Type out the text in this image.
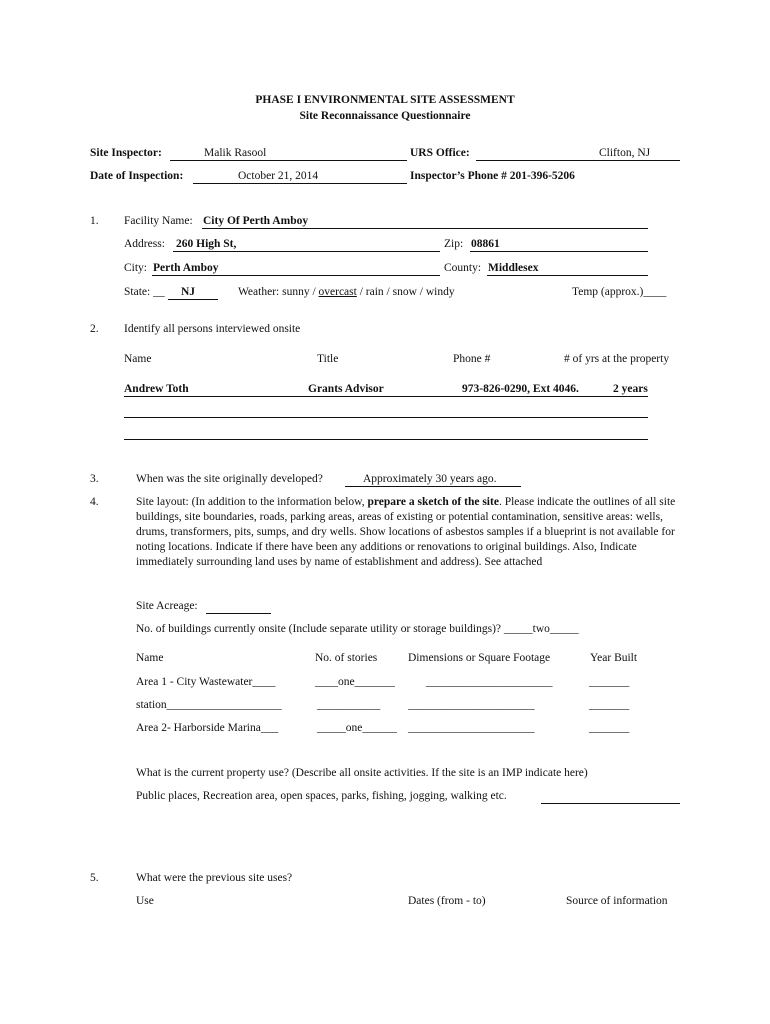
PHASE I ENVIRONMENTAL SITE ASSESSMENT
Site Reconnaissance Questionnaire
Site Inspector:	Malik Rasool	URS Office:	Clifton, NJ
Date of Inspection:	October 21, 2014	Inspector’s Phone # 201-396-5206
1. Facility Name: City Of Perth Amboy
Address: 260 High St,	Zip: 08861
City: Perth Amboy	County: Middlesex
State: __ NJ	Weather: sunny / overcast / rain / snow / windy	Temp (approx.)____
2. Identify all persons interviewed onsite
Name	Title	Phone #	# of yrs at the property
Andrew Toth	Grants Advisor	973-826-0290, Ext 4046.	2 years
3.	When was the site originally developed?	Approximately 30 years ago.
4.	Site layout: (In addition to the information below, prepare a sketch of the site. Please indicate the outlines of all site buildings, site boundaries, roads, parking areas, areas of existing or potential contamination, sensitive areas: wells, drums, transformers, pits, sumps, and dry wells. Show locations of asbestos samples if a blueprint is not available for noting locations. Indicate if there have been any additions or renovations to original buildings. Also, Indicate immediately surrounding land uses by name of establishment and address). See attached
Site Acreage:
No. of buildings currently onsite (Include separate utility or storage buildings)? _____two_____
Name	No. of stories	Dimensions or Square Footage	Year Built
Area 1 - City Wastewater____	____one_______	______________________	_______
station____________________	___________ ______________________	_______
Area 2- Harborside Marina___	_____one______ ______________________	_______
What is the current property use? (Describe all onsite activities. If the site is an IMP indicate here)
Public places, Recreation area, open spaces, parks, fishing, jogging, walking etc.
5.	What were the previous site uses?
Use	Dates (from - to)	Source of information
